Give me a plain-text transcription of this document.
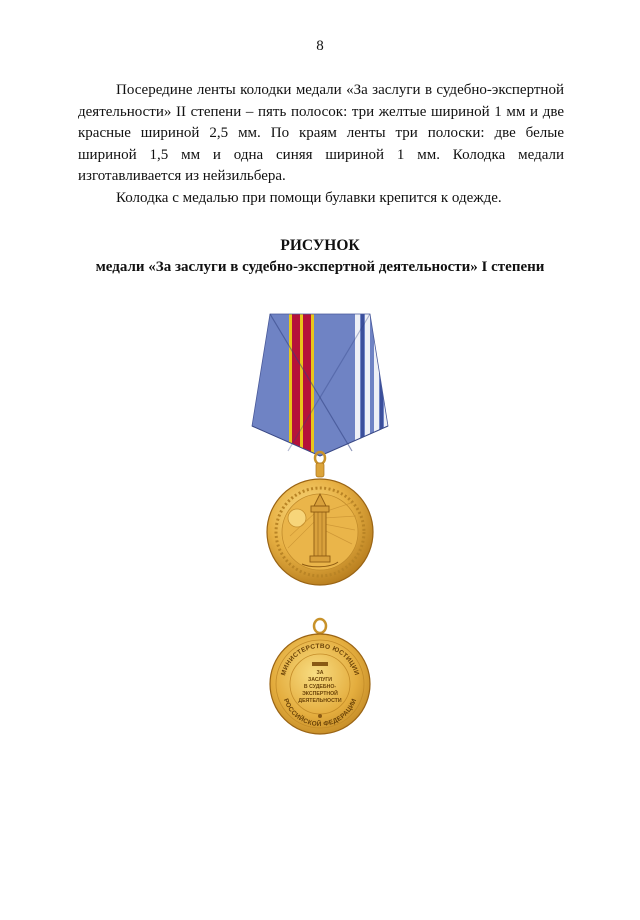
8

Посередине ленты колодки медали «За заслуги в судебно-экспертной деятельности» II степени – пять полосок: три желтые шириной 1 мм и две красные шириной 2,5 мм. По краям ленты три полоски: две белые шириной 1,5 мм и одна синяя шириной 1 мм. Колодка медали изготавливается из нейзильбера.

Колодка с медалью при помощи булавки крепится к одежде.

РИСУНОК
медали «За заслуги в судебно-экспертной деятельности» I степени
МИНИСТЕРСТВО ЮСТИЦИИ
РОССИЙСКОЙ ФЕДЕРАЦИИ
ЗА
ЗАСЛУГИ
В СУДЕБНО-
ЭКСПЕРТНОЙ
ДЕЯТЕЛЬНОСТИ
